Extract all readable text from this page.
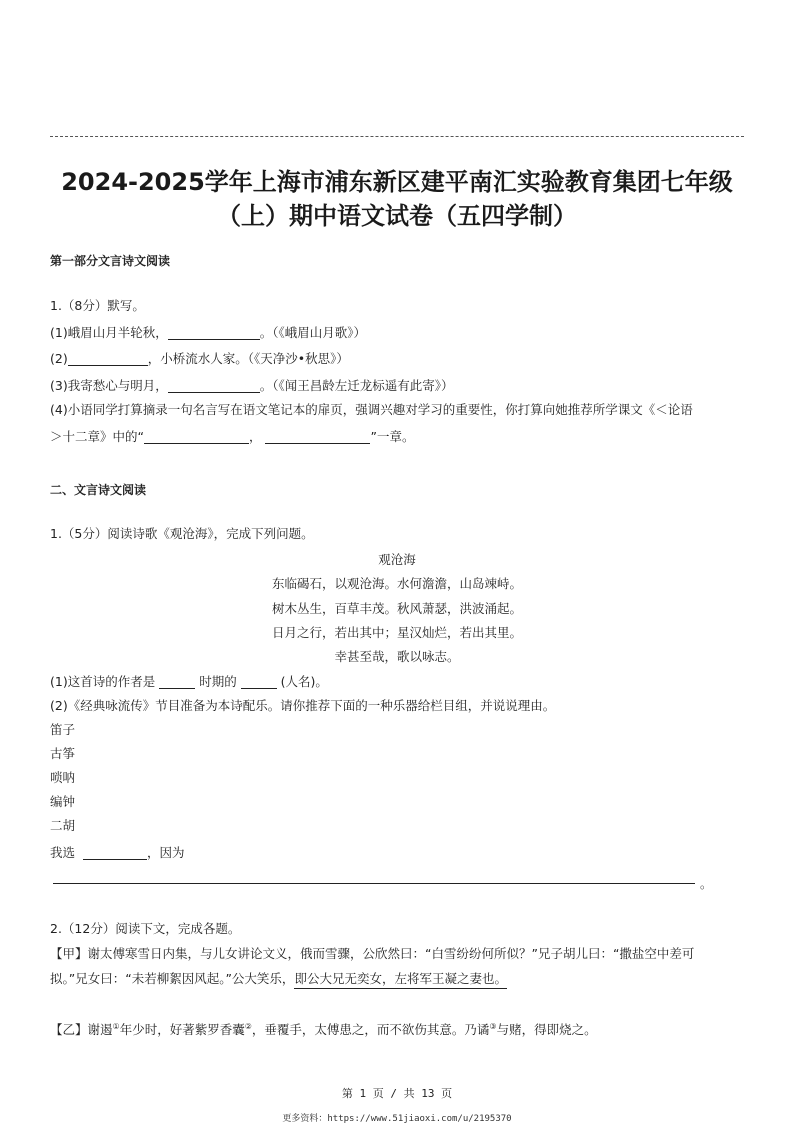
2024-2025学年上海市浦东新区建平南汇实验教育集团七年级
（上）期中语文试卷（五四学制）
第一部分文言诗文阅读
1.（8分）默写。
(1)峨眉山月半轮秋，	。（《峨眉山月歌》）
(2)	，小桥流水人家。（《天净沙•秋思》）
(3)我寄愁心与明月，	。（《闻王昌龄左迁龙标遥有此寄》）
(4)小语同学打算摘录一句名言写在语文笔记本的扉页，强调兴趣对学习的重要性，你打算向她推荐所学课文《＜论语
＞十二章》中的“	，	”一章。
二、文言诗文阅读
1.（5分）阅读诗歌《观沧海》，完成下列问题。
观沧海
东临碣石，以观沧海。水何澹澹，山岛竦峙。
树木丛生，百草丰茂。秋风萧瑟，洪波涌起。
日月之行，若出其中；星汉灿烂，若出其里。
幸甚至哉，歌以咏志。
(1)这首诗的作者是	时期的	(人名)。
(2)《经典咏流传》节目准备为本诗配乐。请你推荐下面的一种乐器给栏目组，并说说理由。
笛子
古筝
唢呐
编钟
二胡
我选	，因为
。
2.（12分）阅读下文，完成各题。
【甲】谢太傅寒雪日内集，与儿女讲论文义，俄而雪骤，公欣然曰：“白雪纷纷何所似？”兄子胡儿曰：“撒盐空中差可
拟。”兄女曰：“未若柳絮因风起。”公大笑乐，即公大兄无奕女，左将军王凝之妻也。
【乙】谢遏①年少时，好著紫罗香囊②，垂覆手，太傅患之，而不欲伤其意。乃谲③与赌，得即烧之。
第 1 页 / 共 13 页
更多资料：https://www.51jiaoxi.com/u/2195370
